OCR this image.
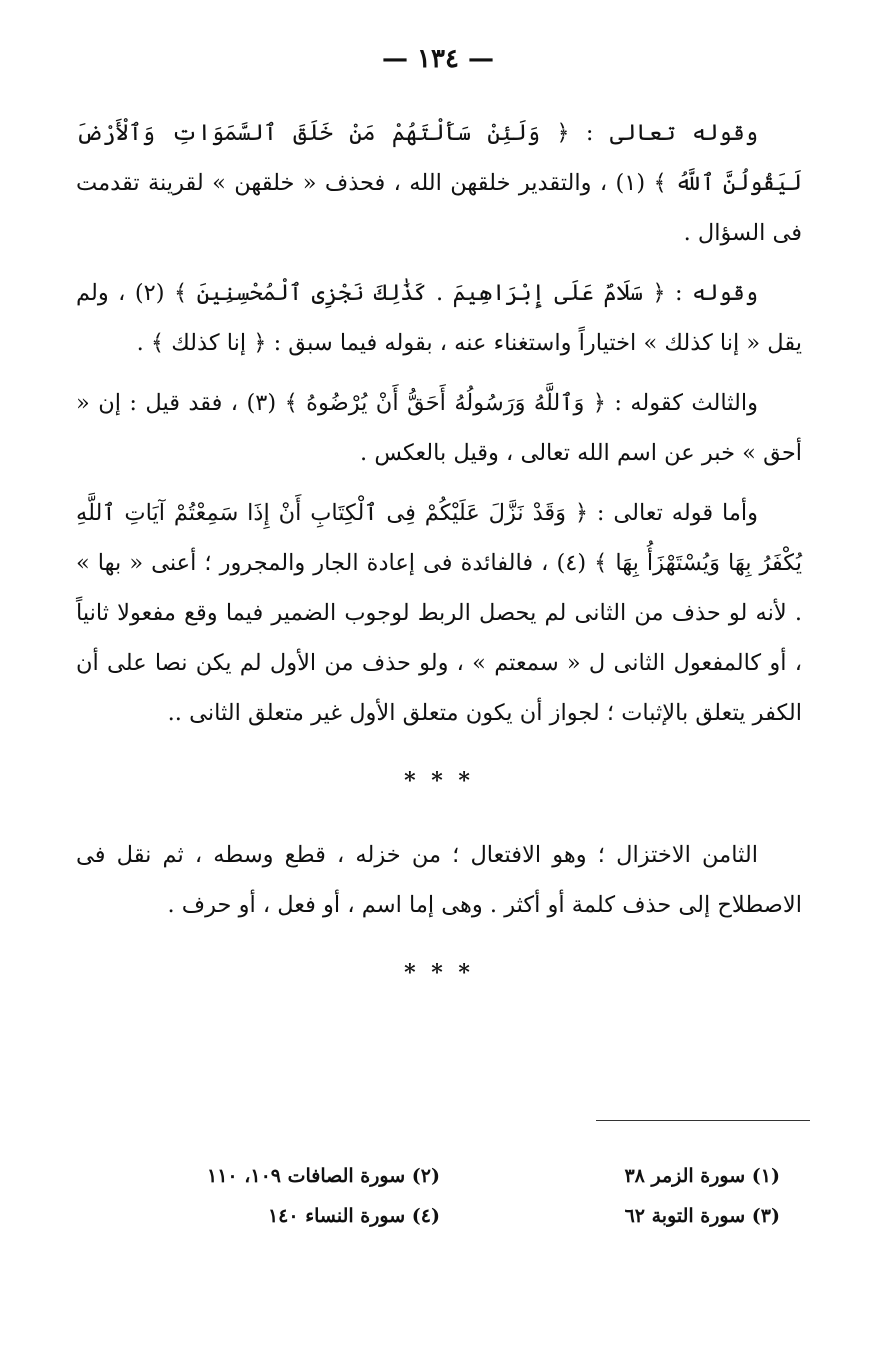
— ١٣٤ —

وقوله تعالى : ﴿ وَلَئِنْ سَأَلْتَهُمْ مَنْ خَلَقَ ٱلسَّمَوَاتِ وَٱلْأَرْضَ لَيَقُولُنَّ ٱللَّهُ ﴾ (١) ، والتقدير خلقهن الله ، فحذف « خلقهن » لقرينة تقدمت فى السؤال .

وقوله : ﴿ سَلَامٌ عَلَى إِبْرَاهِيمَ . كَذَٰلِكَ نَجْزِى ٱلْمُحْسِنِينَ ﴾ (٢) ، ولم يقل « إنا كذلك » اختياراً واستغناء عنه ، بقوله فيما سبق : ﴿ إنا كذلك ﴾ .

والثالث كقوله : ﴿ وَٱللَّهُ وَرَسُولُهُ أَحَقُّ أَنْ يُرْضُوهُ ﴾ (٣) ، فقد قيل : إن « أحق » خبر عن اسم الله تعالى ، وقيل بالعكس .

وأما قوله تعالى : ﴿ وَقَدْ نَزَّلَ عَلَيْكُمْ فِى ٱلْكِتَابِ أَنْ إِذَا سَمِعْتُمْ آيَاتِ ٱللَّهِ يُكْفَرُ بِهَا وَيُسْتَهْزَأُ بِهَا ﴾ (٤) ، فالفائدة فى إعادة الجار والمجرور ؛ أعنى « بها » . لأنه لو حذف من الثانى لم يحصل الربط لوجوب الضمير فيما وقع مفعولا ثانياً ، أو كالمفعول الثانى ل « سمعتم » ، ولو حذف من الأول لم يكن نصا على أن الكفر يتعلق بالإثبات ؛ لجواز أن يكون متعلق الأول غير متعلق الثانى ..

* * *

الثامن الاختزال ؛ وهو الافتعال ؛ من خزله ، قطع وسطه ، ثم نقل فى الاصطلاح إلى حذف كلمة أو أكثر . وهى إما اسم ، أو فعل ، أو حرف .

* * *
(١) سورة الزمر ٣٨
(٢) سورة الصافات ١٠٩، ١١٠
(٣) سورة التوبة ٦٢
(٤) سورة النساء ١٤٠
